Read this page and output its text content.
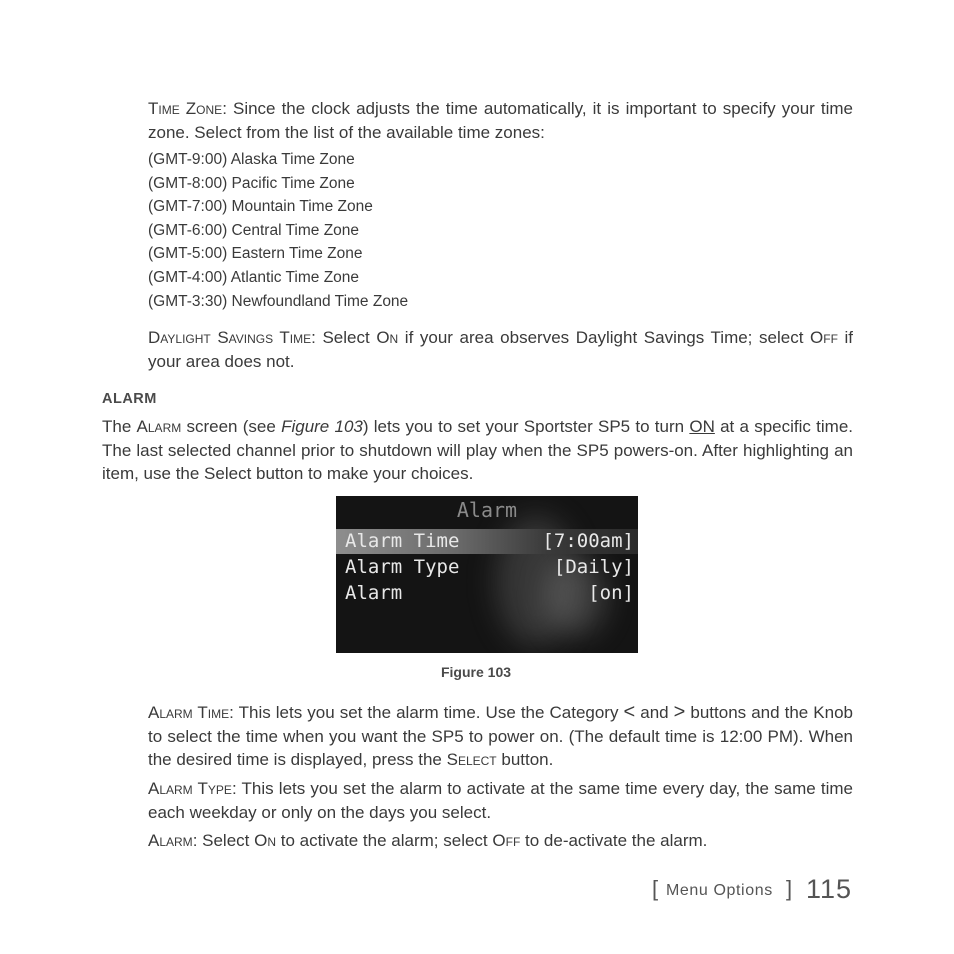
Time Zone: Since the clock adjusts the time automatically, it is important to specify your time zone. Select from the list of the available time zones:
(GMT-9:00) Alaska Time Zone
(GMT-8:00) Pacific Time Zone
(GMT-7:00) Mountain Time Zone
(GMT-6:00) Central Time Zone
(GMT-5:00) Eastern Time Zone
(GMT-4:00) Atlantic Time Zone
(GMT-3:30) Newfoundland Time Zone
Daylight Savings Time: Select On if your area observes Daylight Savings Time; select Off if your area does not.
ALARM
The Alarm screen (see Figure 103) lets you to set your Sportster SP5 to turn ON at a specific time. The last selected channel prior to shutdown will play when the SP5 powers-on. After highlighting an item, use the Select button to make your choices.
Alarm
Alarm Time	[7:00am]
Alarm Type	[Daily]
Alarm	[on]
Figure 103
Alarm Time: This lets you set the alarm time. Use the Category < and > buttons and the Knob to select the time when you want the SP5 to power on. (The default time is 12:00 PM). When the desired time is displayed, press the Select button.
Alarm Type: This lets you set the alarm to activate at the same time every day, the same time each weekday or only on the days you select.
Alarm: Select On to activate the alarm; select Off to de-activate the alarm.
[ Menu Options ] 115
